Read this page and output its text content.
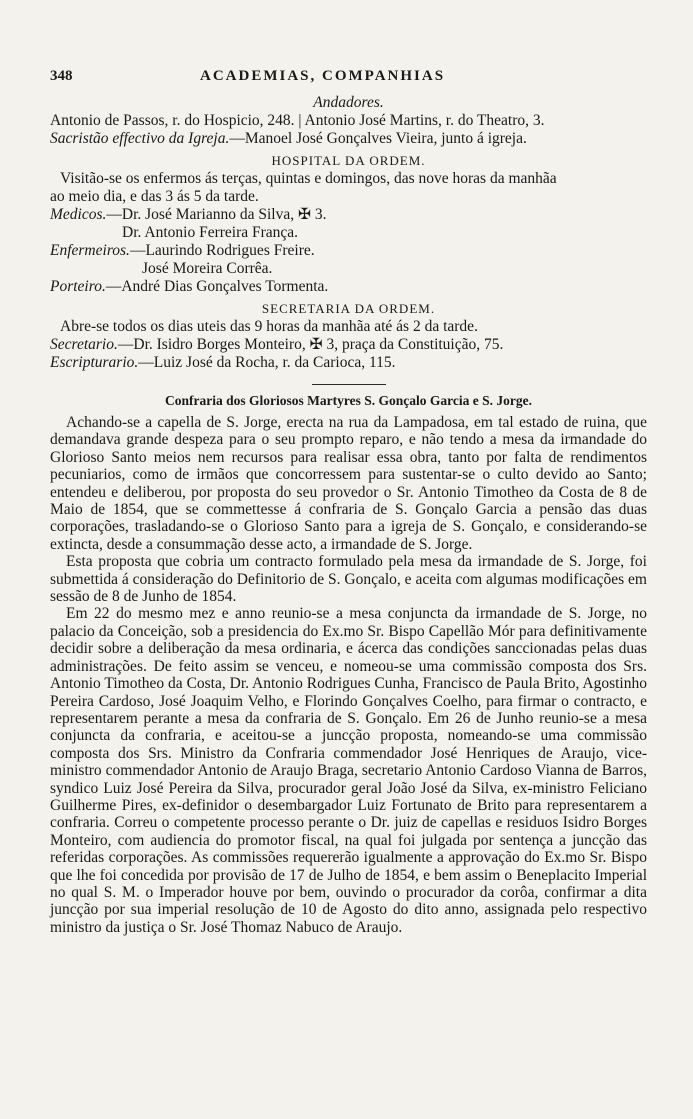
348	ACADEMIAS, COMPANHIAS

Andadores.

Antonio de Passos, r. do Hospicio, 248. | Antonio José Martins, r. do Theatro, 3.
Sacristão effectivo da Igreja.—Manoel José Gonçalves Vieira, junto á igreja.
HOSPITAL DA ORDEM.
Visitão-se os enfermos ás terças, quintas e domingos, das nove horas da manhãa
ao meio dia, e das 3 ás 5 da tarde.
Medicos.—Dr. José Marianno da Silva, ✠ 3.
Dr. Antonio Ferreira França.
Enfermeiros.—Laurindo Rodrigues Freire.
José Moreira Corrêa.
Porteiro.—André Dias Gonçalves Tormenta.
SECRETARIA DA ORDEM.
Abre-se todos os dias uteis das 9 horas da manhãa até ás 2 da tarde.
Secretario.—Dr. Isidro Borges Monteiro, ✠ 3, praça da Constituição, 75.
Escripturario.—Luiz José da Rocha, r. da Carioca, 115.

Confraria dos Gloriosos Martyres S. Gonçalo Garcia e S. Jorge.

Achando-se a capella de S. Jorge, erecta na rua da Lampadosa, em tal estado de ruina, que demandava grande despeza para o seu prompto reparo, e não tendo a mesa da irmandade do Glorioso Santo meios nem recursos para realisar essa obra, tanto por falta de rendimentos pecuniarios, como de irmãos que concorressem para sustentar-se o culto devido ao Santo; entendeu e deliberou, por proposta do seu provedor o Sr. Antonio Timotheo da Costa de 8 de Maio de 1854, que se commettesse á confraria de S. Gonçalo Garcia a pensão das duas corporações, trasladando-se o Glorioso Santo para a igreja de S. Gonçalo, e considerando-se extincta, desde a consummação desse acto, a irmandade de S. Jorge.

Esta proposta que cobria um contracto formulado pela mesa da irmandade de S. Jorge, foi submettida á consideração do Definitorio de S. Gonçalo, e aceita com algumas modificações em sessão de 8 de Junho de 1854.

Em 22 do mesmo mez e anno reunio-se a mesa conjuncta da irmandade de S. Jorge, no palacio da Conceição, sob a presidencia do Ex.mo Sr. Bispo Capellão Mór para definitivamente decidir sobre a deliberação da mesa ordinaria, e ácerca das condições sanccionadas pelas duas administrações. De feito assim se venceu, e nomeou-se uma commissão composta dos Srs. Antonio Timotheo da Costa, Dr. Antonio Rodrigues Cunha, Francisco de Paula Brito, Agostinho Pereira Cardoso, José Joaquim Velho, e Florindo Gonçalves Coelho, para firmar o contracto, e representarem perante a mesa da confraria de S. Gonçalo. Em 26 de Junho reunio-se a mesa conjuncta da confraria, e aceitou-se a juncção proposta, nomeando-se uma commissão composta dos Srs. Ministro da Confraria commendador José Henriques de Araujo, vice-ministro commendador Antonio de Araujo Braga, secretario Antonio Cardoso Vianna de Barros, syndico Luiz José Pereira da Silva, procurador geral João José da Silva, ex-ministro Feliciano Guilherme Pires, ex-definidor o desembargador Luiz Fortunato de Brito para representarem a confraria. Correu o competente processo perante o Dr. juiz de capellas e residuos Isidro Borges Monteiro, com audiencia do promotor fiscal, na qual foi julgada por sentença a juncção das referidas corporações. As commissões requererão igualmente a approvação do Ex.mo Sr. Bispo que lhe foi concedida por provisão de 17 de Julho de 1854, e bem assim o Beneplacito Imperial no qual S. M. o Imperador houve por bem, ouvindo o procurador da corôa, confirmar a dita juncção por sua imperial resolução de 10 de Agosto do dito anno, assignada pelo respectivo ministro da justiça o Sr. José Thomaz Nabuco de Araujo.
